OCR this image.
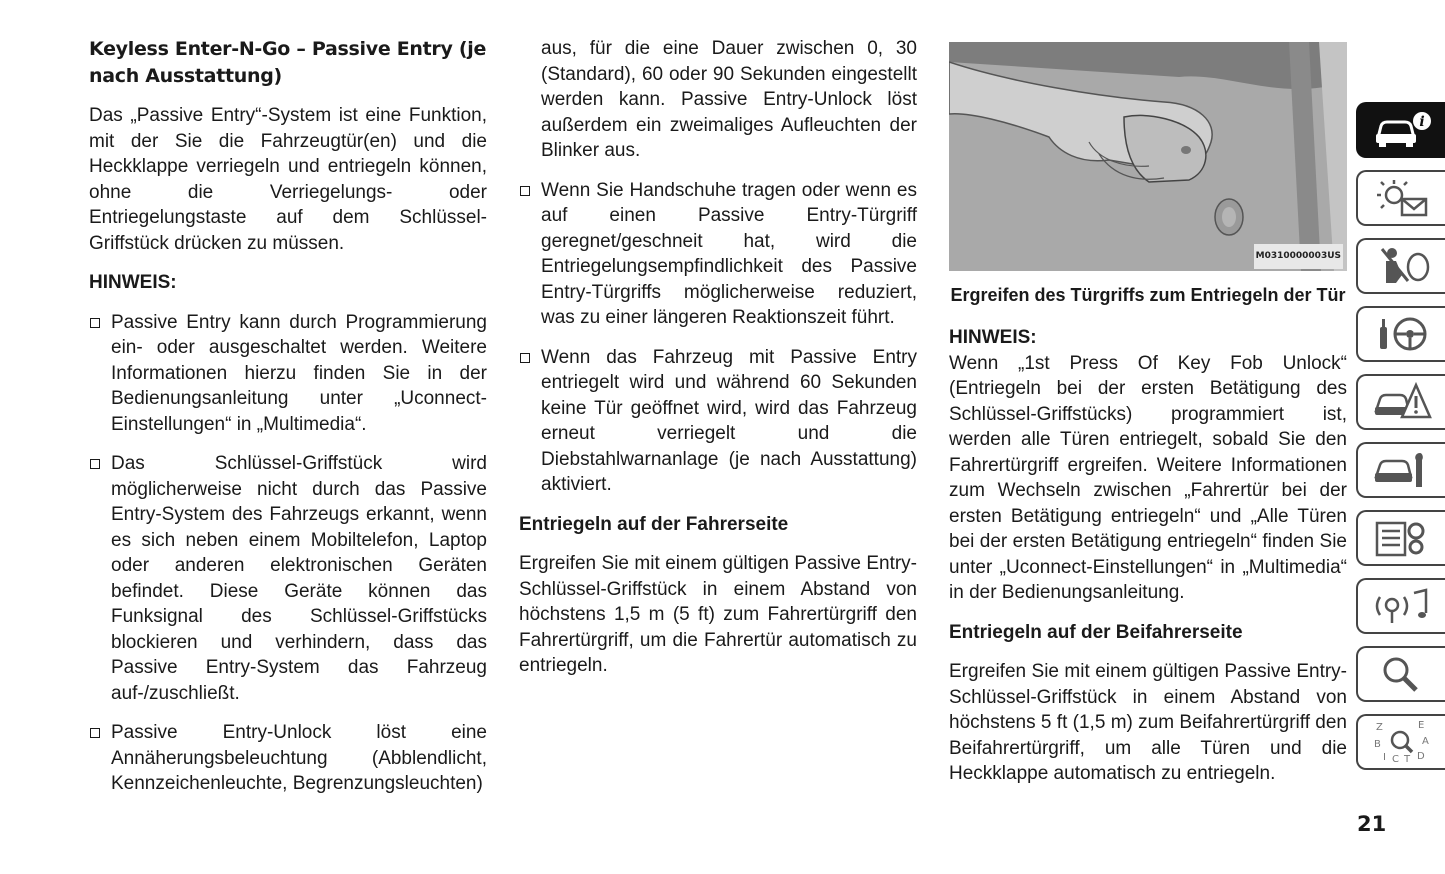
Keyless Enter-N-Go – Passive Entry (je nach Ausstattung)

Das „Passive Entry“-System ist eine Funktion, mit der Sie die Fahrzeugtür(en) und die Heckklappe verriegeln und entriegeln können, ohne die Verriegelungs- oder Entriegelungstaste auf dem Schlüssel-Griffstück drücken zu müssen.

HINWEIS:
Passive Entry kann durch Programmierung ein- oder ausgeschaltet werden. Weitere Informationen hierzu finden Sie in der Bedienungsanleitung unter „Uconnect-Einstellungen“ in „Multimedia“.
Das Schlüssel-Griffstück wird möglicherweise nicht durch das Passive Entry-System des Fahrzeugs erkannt, wenn es sich neben einem Mobiltelefon, Laptop oder anderen elektronischen Geräten befindet. Diese Geräte können das Funksignal des Schlüssel-Griffstücks blockieren und verhindern, dass das Passive Entry-System das Fahrzeug auf-/zuschließt.
Passive Entry-Unlock löst eine Annäherungsbeleuchtung (Abblendlicht, Kennzeichenleuchte, Begrenzungsleuchten)

aus, für die eine Dauer zwischen 0, 30 (Standard), 60 oder 90 Sekunden eingestellt werden kann. Passive Entry-Unlock löst außerdem ein zweimaliges Aufleuchten der Blinker aus.

Wenn Sie Handschuhe tragen oder wenn es auf einen Passive Entry-Türgriff geregnet/geschneit hat, wird die Entriegelungsempfindlichkeit des Passive Entry-Türgriffs möglicherweise reduziert, was zu einer längeren Reaktionszeit führt.
Wenn das Fahrzeug mit Passive Entry entriegelt wird und während 60 Sekunden keine Tür geöffnet wird, wird das Fahrzeug erneut verriegelt und die Diebstahlwarnanlage (je nach Ausstattung) aktiviert.
Entriegeln auf der Fahrerseite

Ergreifen Sie mit einem gültigen Passive Entry-Schlüssel-Griffstück in einem Abstand von höchstens 1,5 m (5 ft) zum Fahrertürgriff den Fahrertürgriff, um die Fahrertür automatisch zu entriegeln.

M0310000003US
Ergreifen des Türgriffs zum Entriegeln der Tür
HINWEIS:

Wenn „1st Press Of Key Fob Unlock“ (Entriegeln bei der ersten Betätigung des Schlüssel-Griffstücks) programmiert ist, werden alle Türen entriegelt, sobald Sie den Fahrertürgriff ergreifen. Weitere Informationen zum Wechseln zwischen „Fahrertür bei der ersten Betätigung entriegeln“ und „Alle Türen bei der ersten Betätigung entriegeln“ finden Sie unter „Uconnect-Einstellungen“ in „Multimedia“ in der Bedienungsanleitung.

Entriegeln auf der Beifahrerseite

Ergreifen Sie mit einem gültigen Passive Entry-Schlüssel-Griffstück in einem Abstand von höchstens 5 ft (1,5 m) zum Beifahrertürgriff den Beifahrertürgriff, um alle Türen und die Heckklappe automatisch zu entriegeln.

i
Z	E
B	A
I C T D
21
